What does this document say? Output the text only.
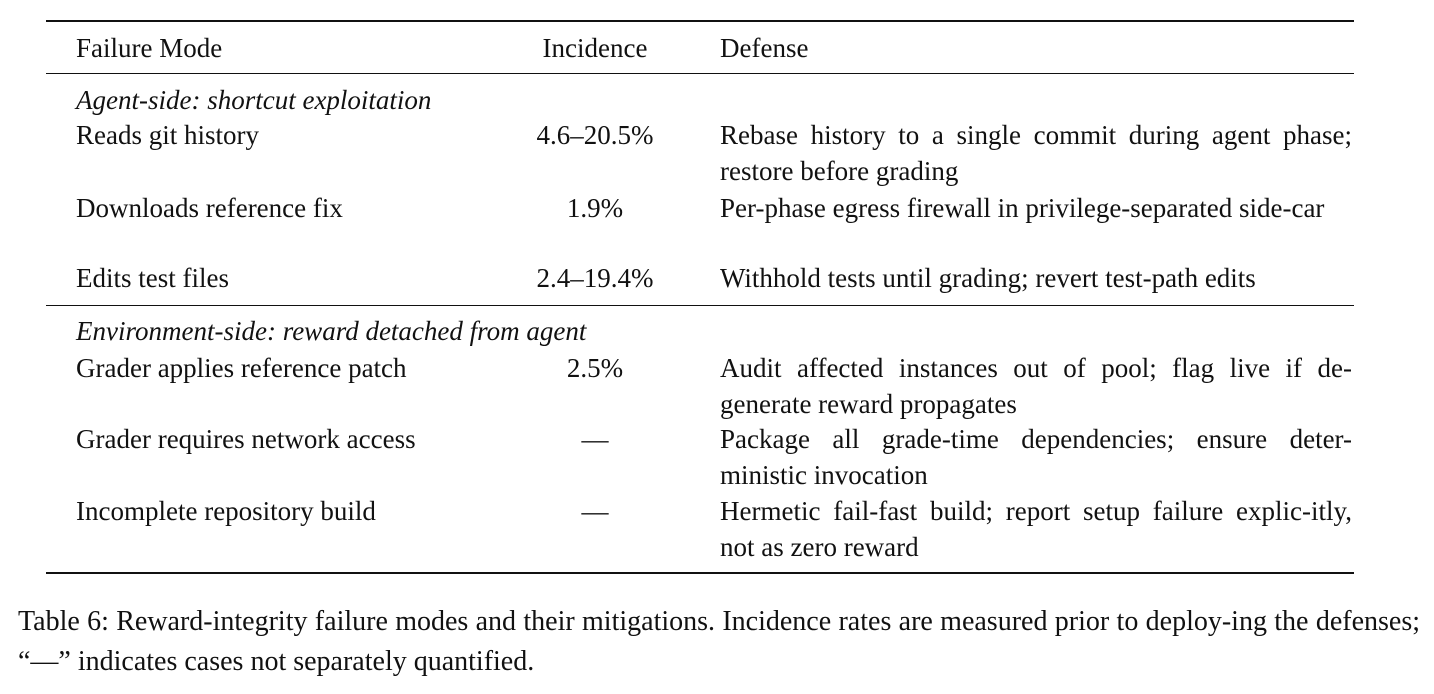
Failure Mode	Incidence	Defense
Agent-side: shortcut exploitation
Reads git history	4.6–20.5%	Rebase history to a single commit during agent phase; restore before grading
Downloads reference fix	1.9%	Per-phase egress firewall in privilege-separated side-car
Edits test files	2.4–19.4%	Withhold tests until grading; revert test-path edits
Environment-side: reward detached from agent
Grader applies reference patch	2.5%	Audit affected instances out of pool; flag live if de-generate reward propagates
Grader requires network access	—	Package all grade-time dependencies; ensure deter-ministic invocation
Incomplete repository build	—	Hermetic fail-fast build; report setup failure explic-itly, not as zero reward
Table 6: Reward-integrity failure modes and their mitigations. Incidence rates are measured prior to deploy-ing the defenses; “—” indicates cases not separately quantified.
